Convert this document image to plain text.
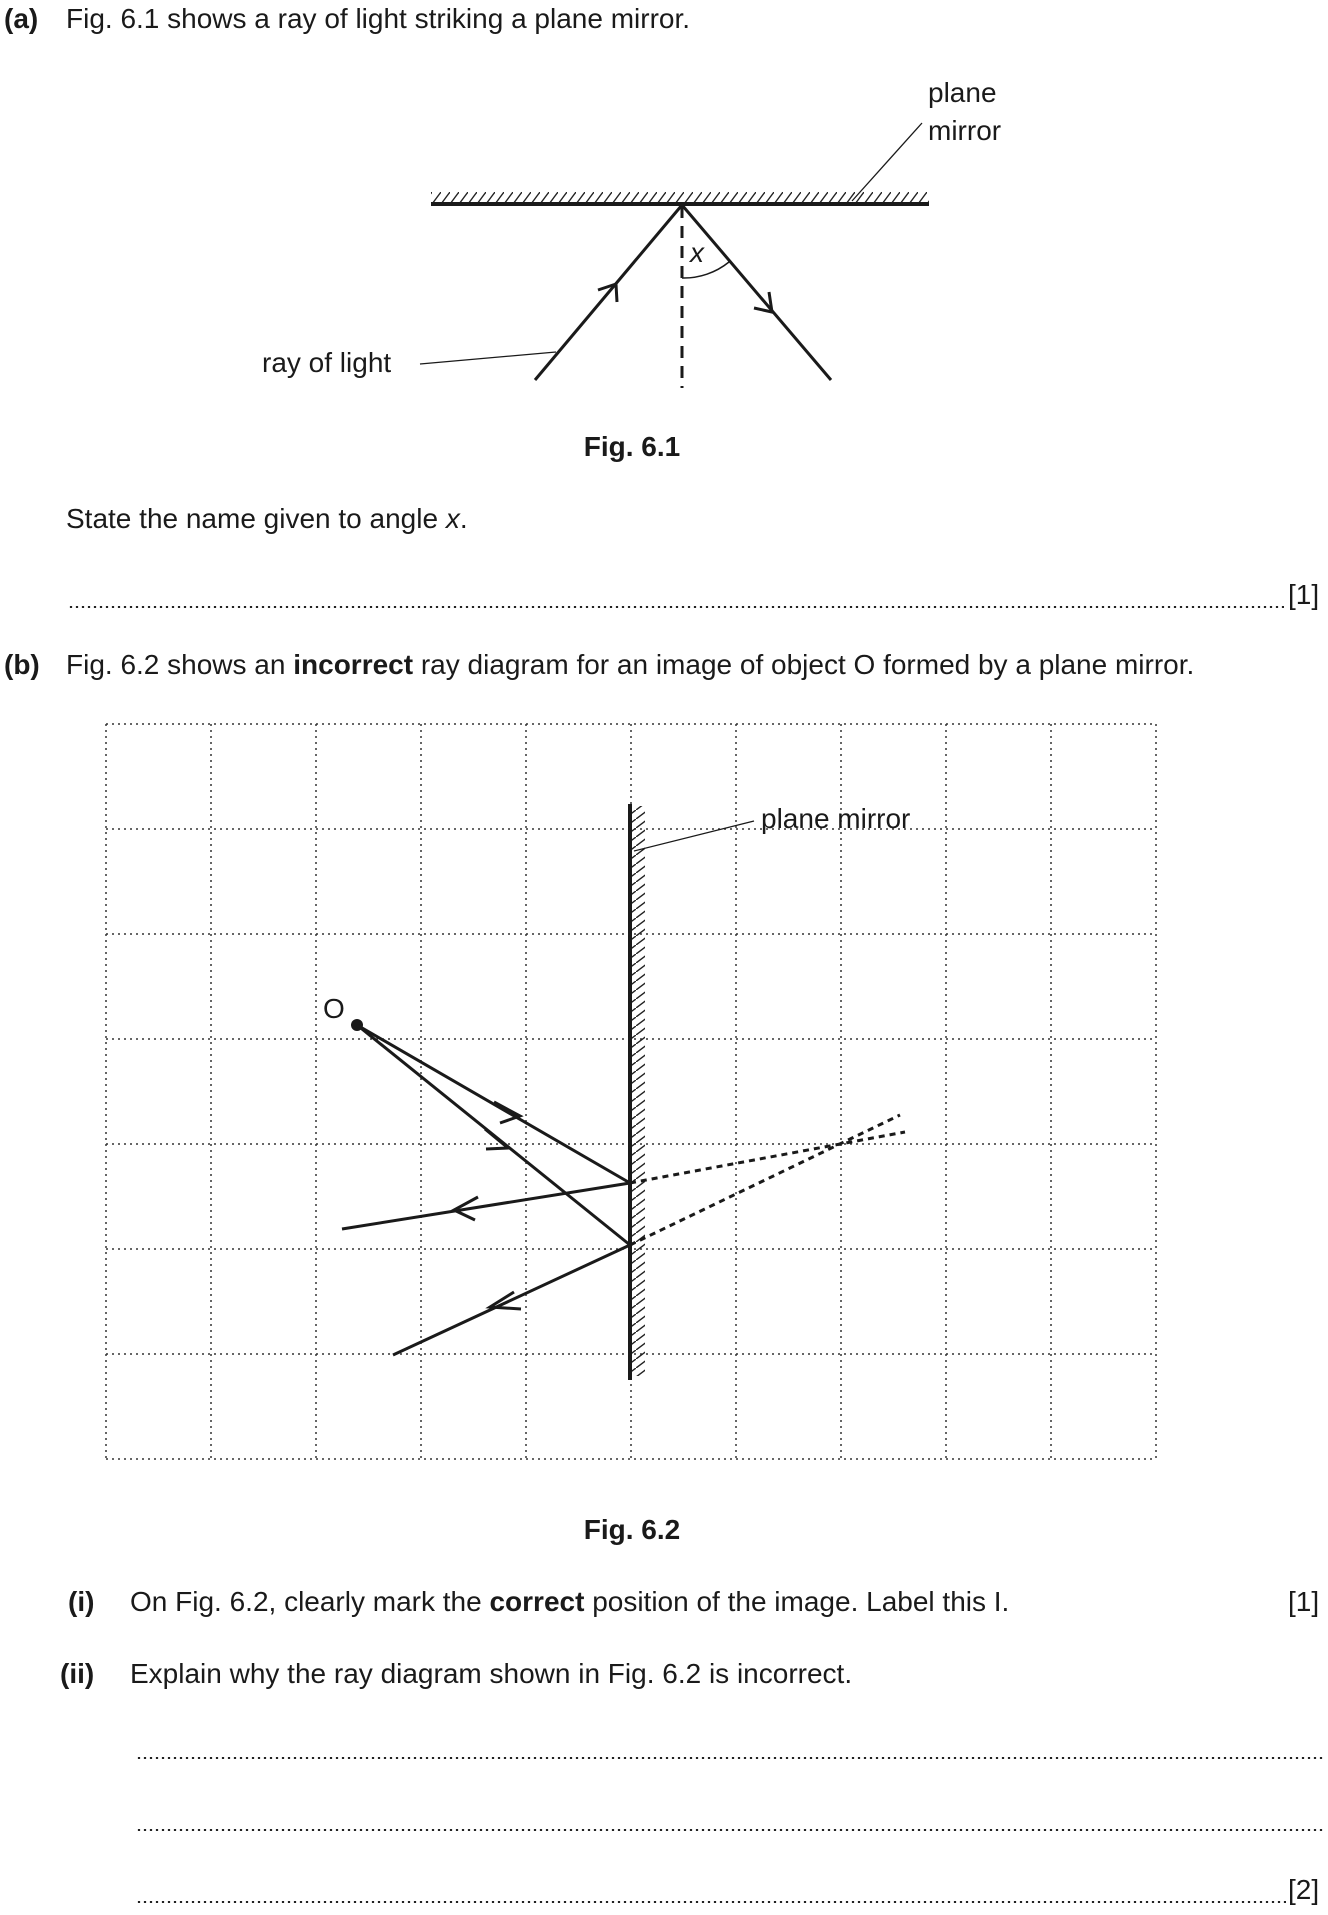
(a) Fig. 6.1 shows a ray of light striking a plane mirror.
plane
mirror
ray of light
x
Fig. 6.1
State the name given to angle x.
[1]
(b) Fig. 6.2 shows an incorrect ray diagram for an image of object O formed by a plane mirror.
plane mirror
O
Fig. 6.2
(i) On Fig. 6.2, clearly mark the correct position of the image. Label this I.	[1]
(ii) Explain why the ray diagram shown in Fig. 6.2 is incorrect.
[2]
